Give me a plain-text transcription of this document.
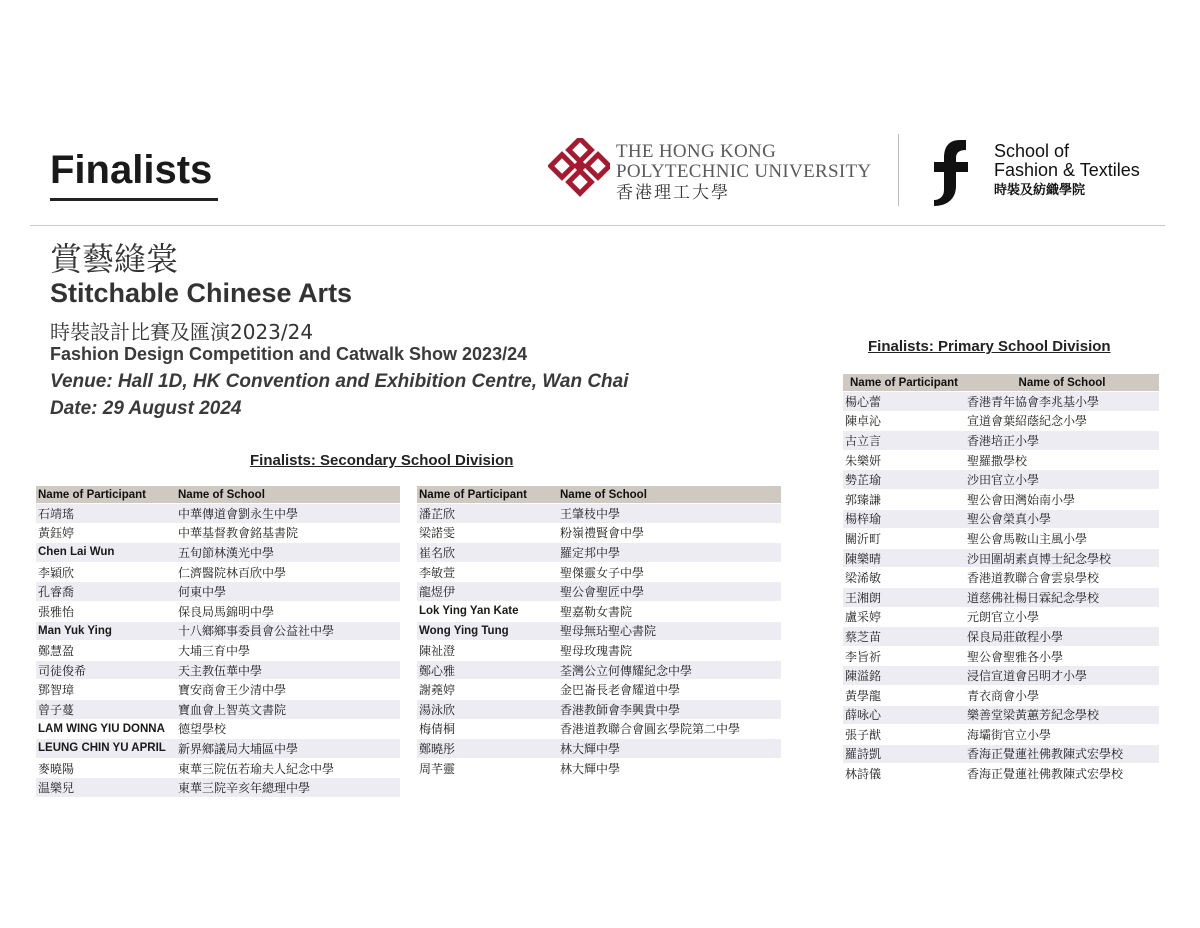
Finalists	THE HONG KONG
POLYTECHNIC UNIVERSITY
香港理工大學
School of
Fashion & Textiles
時裝及紡織學院
賞藝縫裳
Stitchable Chinese Arts
時裝設計比賽及匯演2023/24
Fashion Design Competition and Catwalk Show 2023/24
Venue: Hall 1D, HK Convention and Exhibition Centre, Wan Chai
Date: 29 August 2024
Finalists: Secondary School Division
Finalists: Primary School Division
Name of Participant	Name of School
石靖瑤	中華傳道會劉永生中學
黃鈺婷	中華基督教會銘基書院
Chen Lai Wun	五旬節林漢光中學
李穎欣	仁濟醫院林百欣中學
孔睿喬	何東中學
張雅怡	保良局馬錦明中學
Man Yuk Ying	十八鄉鄉事委員會公益社中學
鄭慧盈	大埔三育中學
司徒俊希	天主教伍華中學
鄧智璋	寶安商會王少清中學
曾子蔓	寶血會上智英文書院
LAM WING YIU DONNA	德望學校
LEUNG CHIN YU APRIL	新界鄉議局大埔區中學
麥曉陽	東華三院伍若瑜夫人紀念中學
温樂兒	東華三院辛亥年總理中學
Name of Participant	Name of School
潘芷欣	王肇枝中學
梁諾雯	粉嶺禮賢會中學
崔名欣	羅定邦中學
李敏萱	聖傑靈女子中學
龍煜伊	聖公會聖匠中學
Lok Ying Yan Kate	聖嘉勒女書院
Wong Ying Tung	聖母無玷聖心書院
陳祉澄	聖母玫瑰書院
鄭心雅	荃灣公立何傳耀紀念中學
謝蕘婷	金巴崙長老會耀道中學
湯泳欣	香港教師會李興貴中學
梅倩桐	香港道教聯合會圓玄學院第二中學
鄭曉彤	林大輝中學
周芊靈	林大輝中學
Name of Participant	Name of School
楊心蕾	香港青年協會李兆基小學
陳卓沁	宣道會葉紹蔭紀念小學
古立言	香港培正小學
朱樂妍	聖羅撒學校
勢芷瑜	沙田官立小學
郭臻謙	聖公會田灣始南小學
楊梓瑜	聖公會榮真小學
關沂町	聖公會馬鞍山主風小學
陳樂晴	沙田圍胡素貞博士紀念學校
梁浠敏	香港道教聯合會雲泉學校
王湘朗	道慈佛社楊日霖紀念學校
盧采婷	元朗官立小學
蔡芝苗	保良局莊啟程小學
李旨祈	聖公會聖雅各小學
陳溢銘	浸信宣道會呂明才小學
黃學龍	青衣商會小學
薛咏心	樂善堂梁黃蕙芳紀念學校
張子猷	海壩街官立小學
羅詩凱	香海正覺蓮社佛教陳式宏學校
林詩儀	香海正覺蓮社佛教陳式宏學校
